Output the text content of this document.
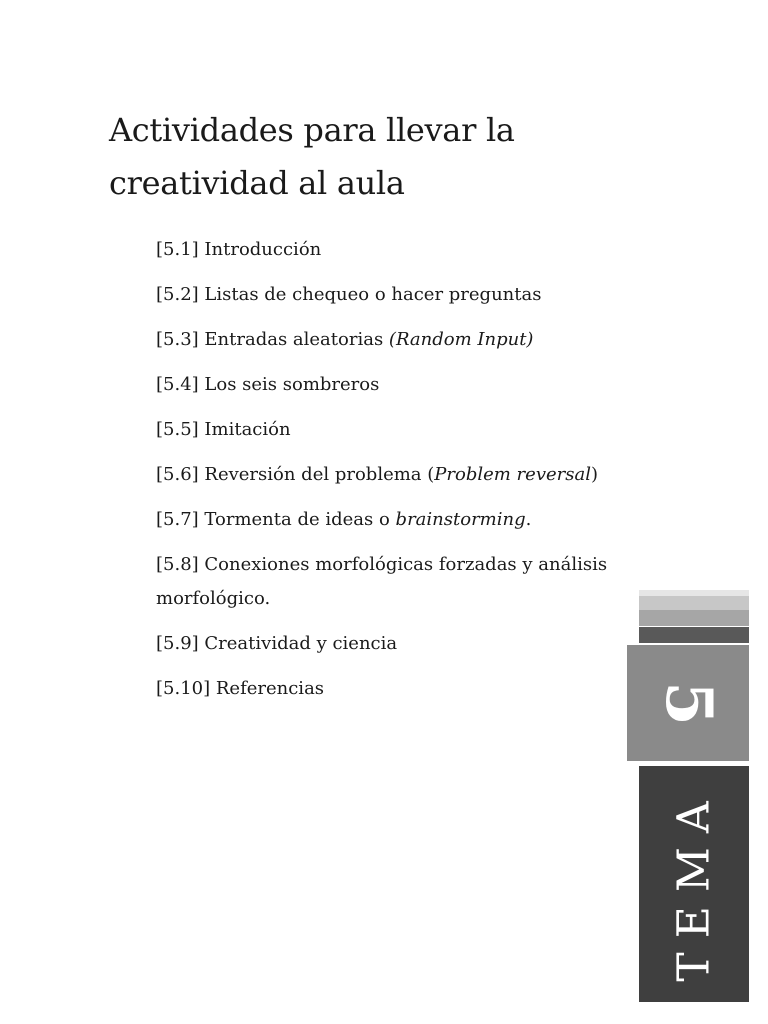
Actividades para llevar la creatividad al aula
[5.1] Introducción
[5.2] Listas de chequeo o hacer preguntas
[5.3] Entradas aleatorias (Random Input)
[5.4] Los seis sombreros
[5.5] Imitación
[5.6] Reversión del problema (Problem reversal)
[5.7] Tormenta de ideas o brainstorming.
[5.8] Conexiones morfológicas forzadas y análisis morfológico.
[5.9] Creatividad y ciencia
[5.10] Referencias	5
TEMA
